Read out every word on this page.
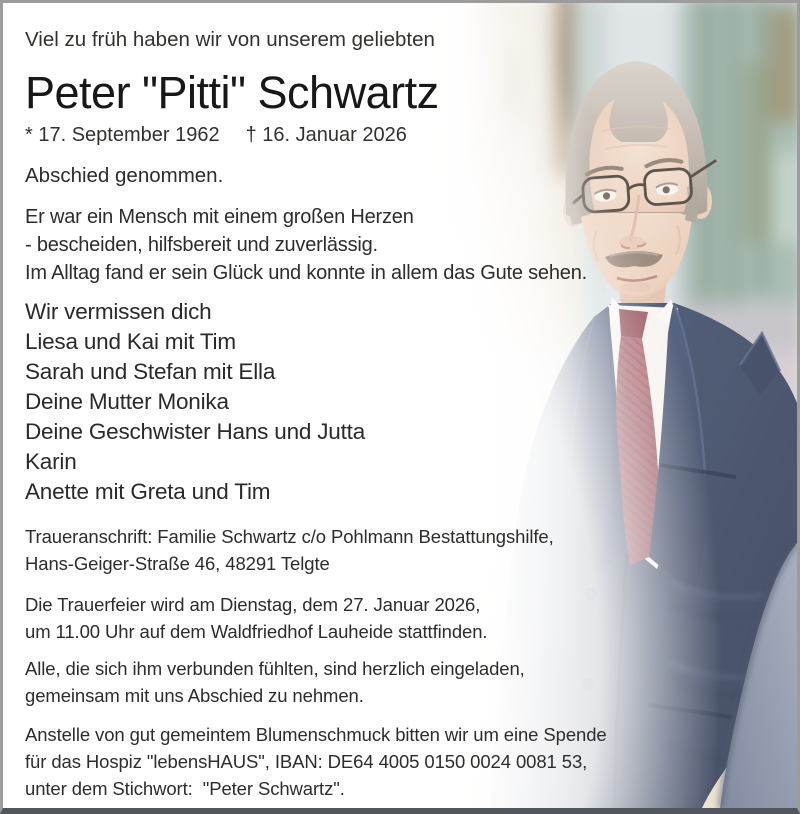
Viel zu früh haben wir von unserem geliebten

Peter "Pitti" Schwartz

* 17. September 1962 † 16. Januar 2026

Abschied genommen.

Er war ein Mensch mit einem großen Herzen

- bescheiden, hilfsbereit und zuverlässig.

Im Alltag fand er sein Glück und konnte in allem das Gute sehen.

Wir vermissen dich

Liesa und Kai mit Tim

Sarah und Stefan mit Ella

Deine Mutter Monika

Deine Geschwister Hans und Jutta

Karin

Anette mit Greta und Tim

Traueranschrift: Familie Schwartz c/o Pohlmann Bestattungshilfe,

Hans-Geiger-Straße 46, 48291 Telgte

Die Trauerfeier wird am Dienstag, dem 27. Januar 2026,

um 11.00 Uhr auf dem Waldfriedhof Lauheide stattfinden.

Alle, die sich ihm verbunden fühlten, sind herzlich eingeladen,

gemeinsam mit uns Abschied zu nehmen.

Anstelle von gut gemeintem Blumenschmuck bitten wir um eine Spende

für das Hospiz "lebensHAUS", IBAN: DE64 4005 0150 0024 0081 53,

unter dem Stichwort:  "Peter Schwartz".
